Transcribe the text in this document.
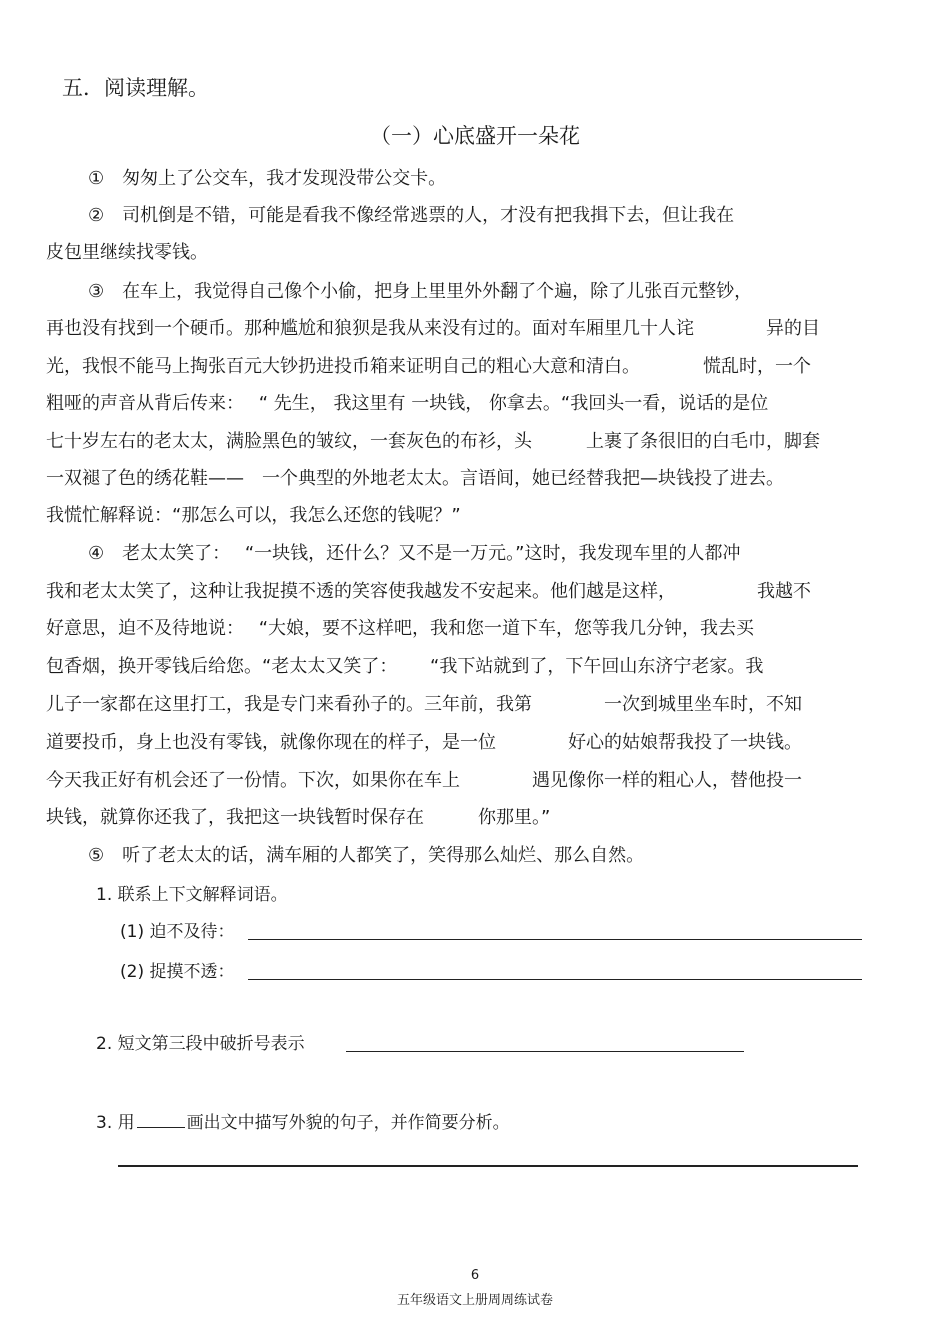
五．阅读理解。
（一）心底盛开一朵花
①　匆匆上了公交车，我才发现没带公交卡。
②　司机倒是不错，可能是看我不像经常逃票的人，才没有把我揖下去，但让我在
皮包里继续找零钱。
③　在车上，我觉得自己像个小偷，把身上里里外外翻了个遍，除了儿张百元整钞，
再也没有找到一个硬币。那种尴尬和狼狈是我从来没有过的。面对车厢里几十人诧　　　　异的目
光，我恨不能马上掏张百元大钞扔进投币箱来证明自己的粗心大意和清白。　　　　慌乱时，一个
粗哑的声音从背后传来：　 “ 先生， 我这里有 一块钱， 你拿去。“我回头一看，说话的是位
七十岁左右的老太太，满脸黑色的皱纹，一套灰色的布衫，头　　　上裹了条很旧的白毛巾，脚套
一双褪了色的绣花鞋——　一个典型的外地老太太。言语间，她已经替我把—块钱投了进去。
我慌忙解释说：“那怎么可以，我怎么还您的钱呢？”
④　老太太笑了：　 “一块钱，还什么？又不是一万元。”这时，我发现车里的人都冲
我和老太太笑了，这种让我捉摸不透的笑容使我越发不安起来。他们越是这样，　　　　　我越不
好意思，迫不及待地说：　 “大娘，要不这样吧，我和您一道下车，您等我几分钟，我去买
包香烟，换开零钱后给您。“老太太又笑了：　　 “我下站就到了，下午回山东济宁老家。我
儿子一家都在这里打工，我是专门来看孙子的。三年前，我第　　　　一次到城里坐车时，不知
道要投币，身上也没有零钱，就像你现在的样子，是一位　　　　好心的姑娘帮我投了一块钱。
今天我正好有机会还了一份情。下次，如果你在车上　　　　遇见像你一样的粗心人，替他投一
块钱，就算你还我了，我把这一块钱暂时保存在　　　你那里。”
⑤　听了老太太的话，满车厢的人都笑了，笑得那么灿烂、那么自然。
1. 联系上下文解释词语。
(1) 迫不及待：
(2) 捉摸不透：
2. 短文第三段中破折号表示
3. 用	画出文中描写外貌的句子，并作简要分析。
6
五年级语文上册周周练试卷
